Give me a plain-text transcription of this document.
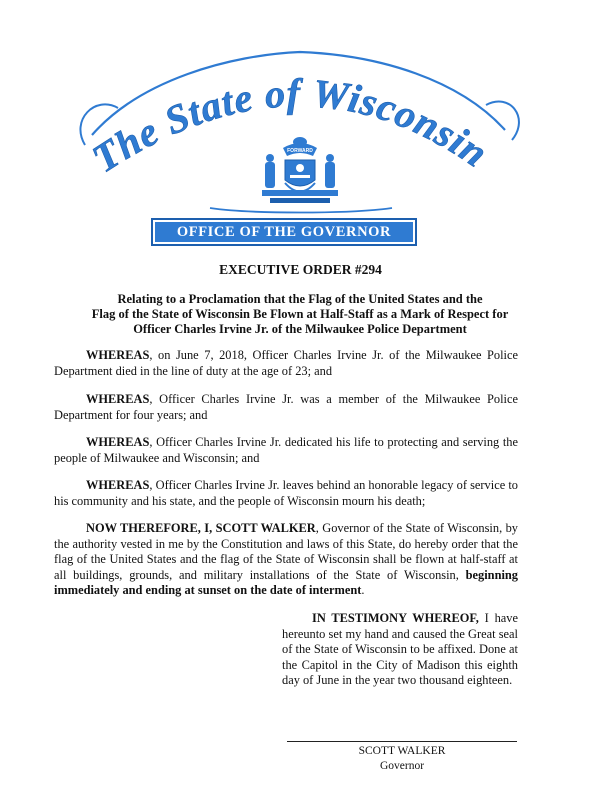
The State of Wisconsin
FORWARD
OFFICE OF THE GOVERNOR
EXECUTIVE ORDER #294
Relating to a Proclamation that the Flag of the United States and the
Flag of the State of Wisconsin Be Flown at Half-Staff as a Mark of Respect for
Officer Charles Irvine Jr. of the Milwaukee Police Department
WHEREAS, on June 7, 2018, Officer Charles Irvine Jr. of the Milwaukee Police Department died in the line of duty at the age of 23; and
WHEREAS, Officer Charles Irvine Jr. was a member of the Milwaukee Police Department for four years; and
WHEREAS, Officer Charles Irvine Jr. dedicated his life to protecting and serving the people of Milwaukee and Wisconsin; and
WHEREAS, Officer Charles Irvine Jr. leaves behind an honorable legacy of service to his community and his state, and the people of Wisconsin mourn his death;
NOW THEREFORE, I, SCOTT WALKER, Governor of the State of Wisconsin, by the authority vested in me by the Constitution and laws of this State, do hereby order that the flag of the United States and the flag of the State of Wisconsin shall be flown at half-staff at all buildings, grounds, and military installations of the State of Wisconsin, beginning immediately and ending at sunset on the date of interment.
IN TESTIMONY WHEREOF, I have hereunto set my hand and caused the Great seal of the State of Wisconsin to be affixed. Done at the Capitol in the City of Madison this eighth day of June in the year two thousand eighteen.
SCOTT WALKER
Governor
